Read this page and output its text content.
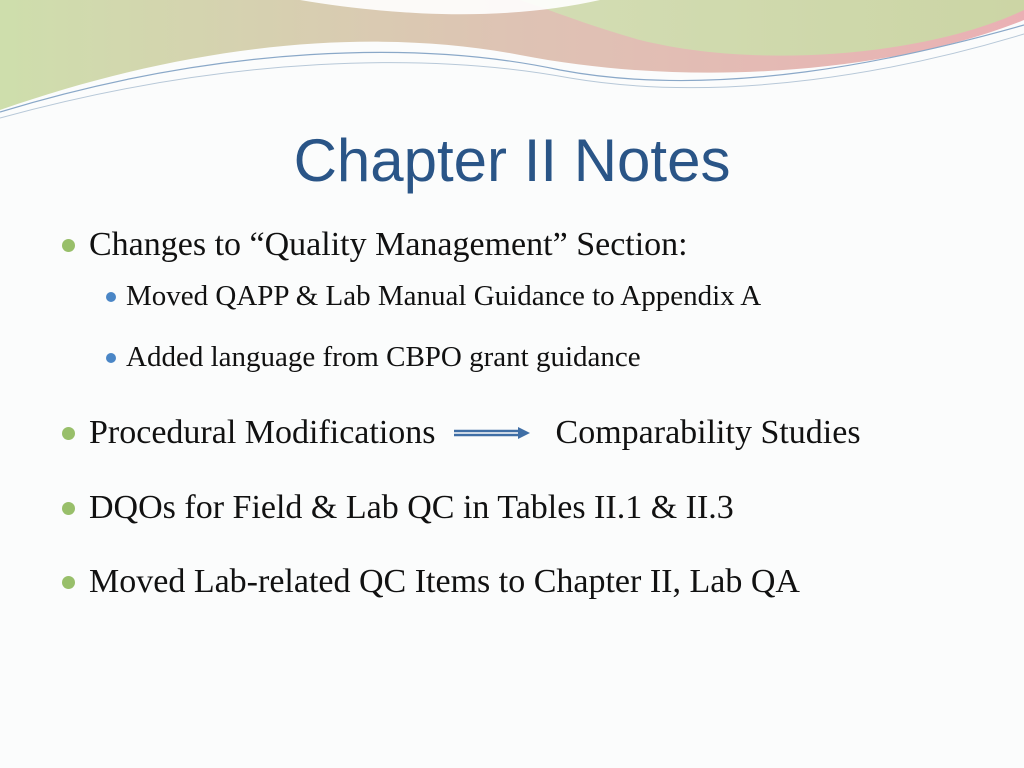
Chapter II Notes
Changes to “Quality Management” Section:
Moved QAPP & Lab Manual Guidance to Appendix A
Added language from CBPO grant guidance
Procedural Modifications	Comparability Studies
DQOs for Field & Lab QC in Tables II.1 & II.3
Moved Lab-related QC Items to Chapter II, Lab QA
